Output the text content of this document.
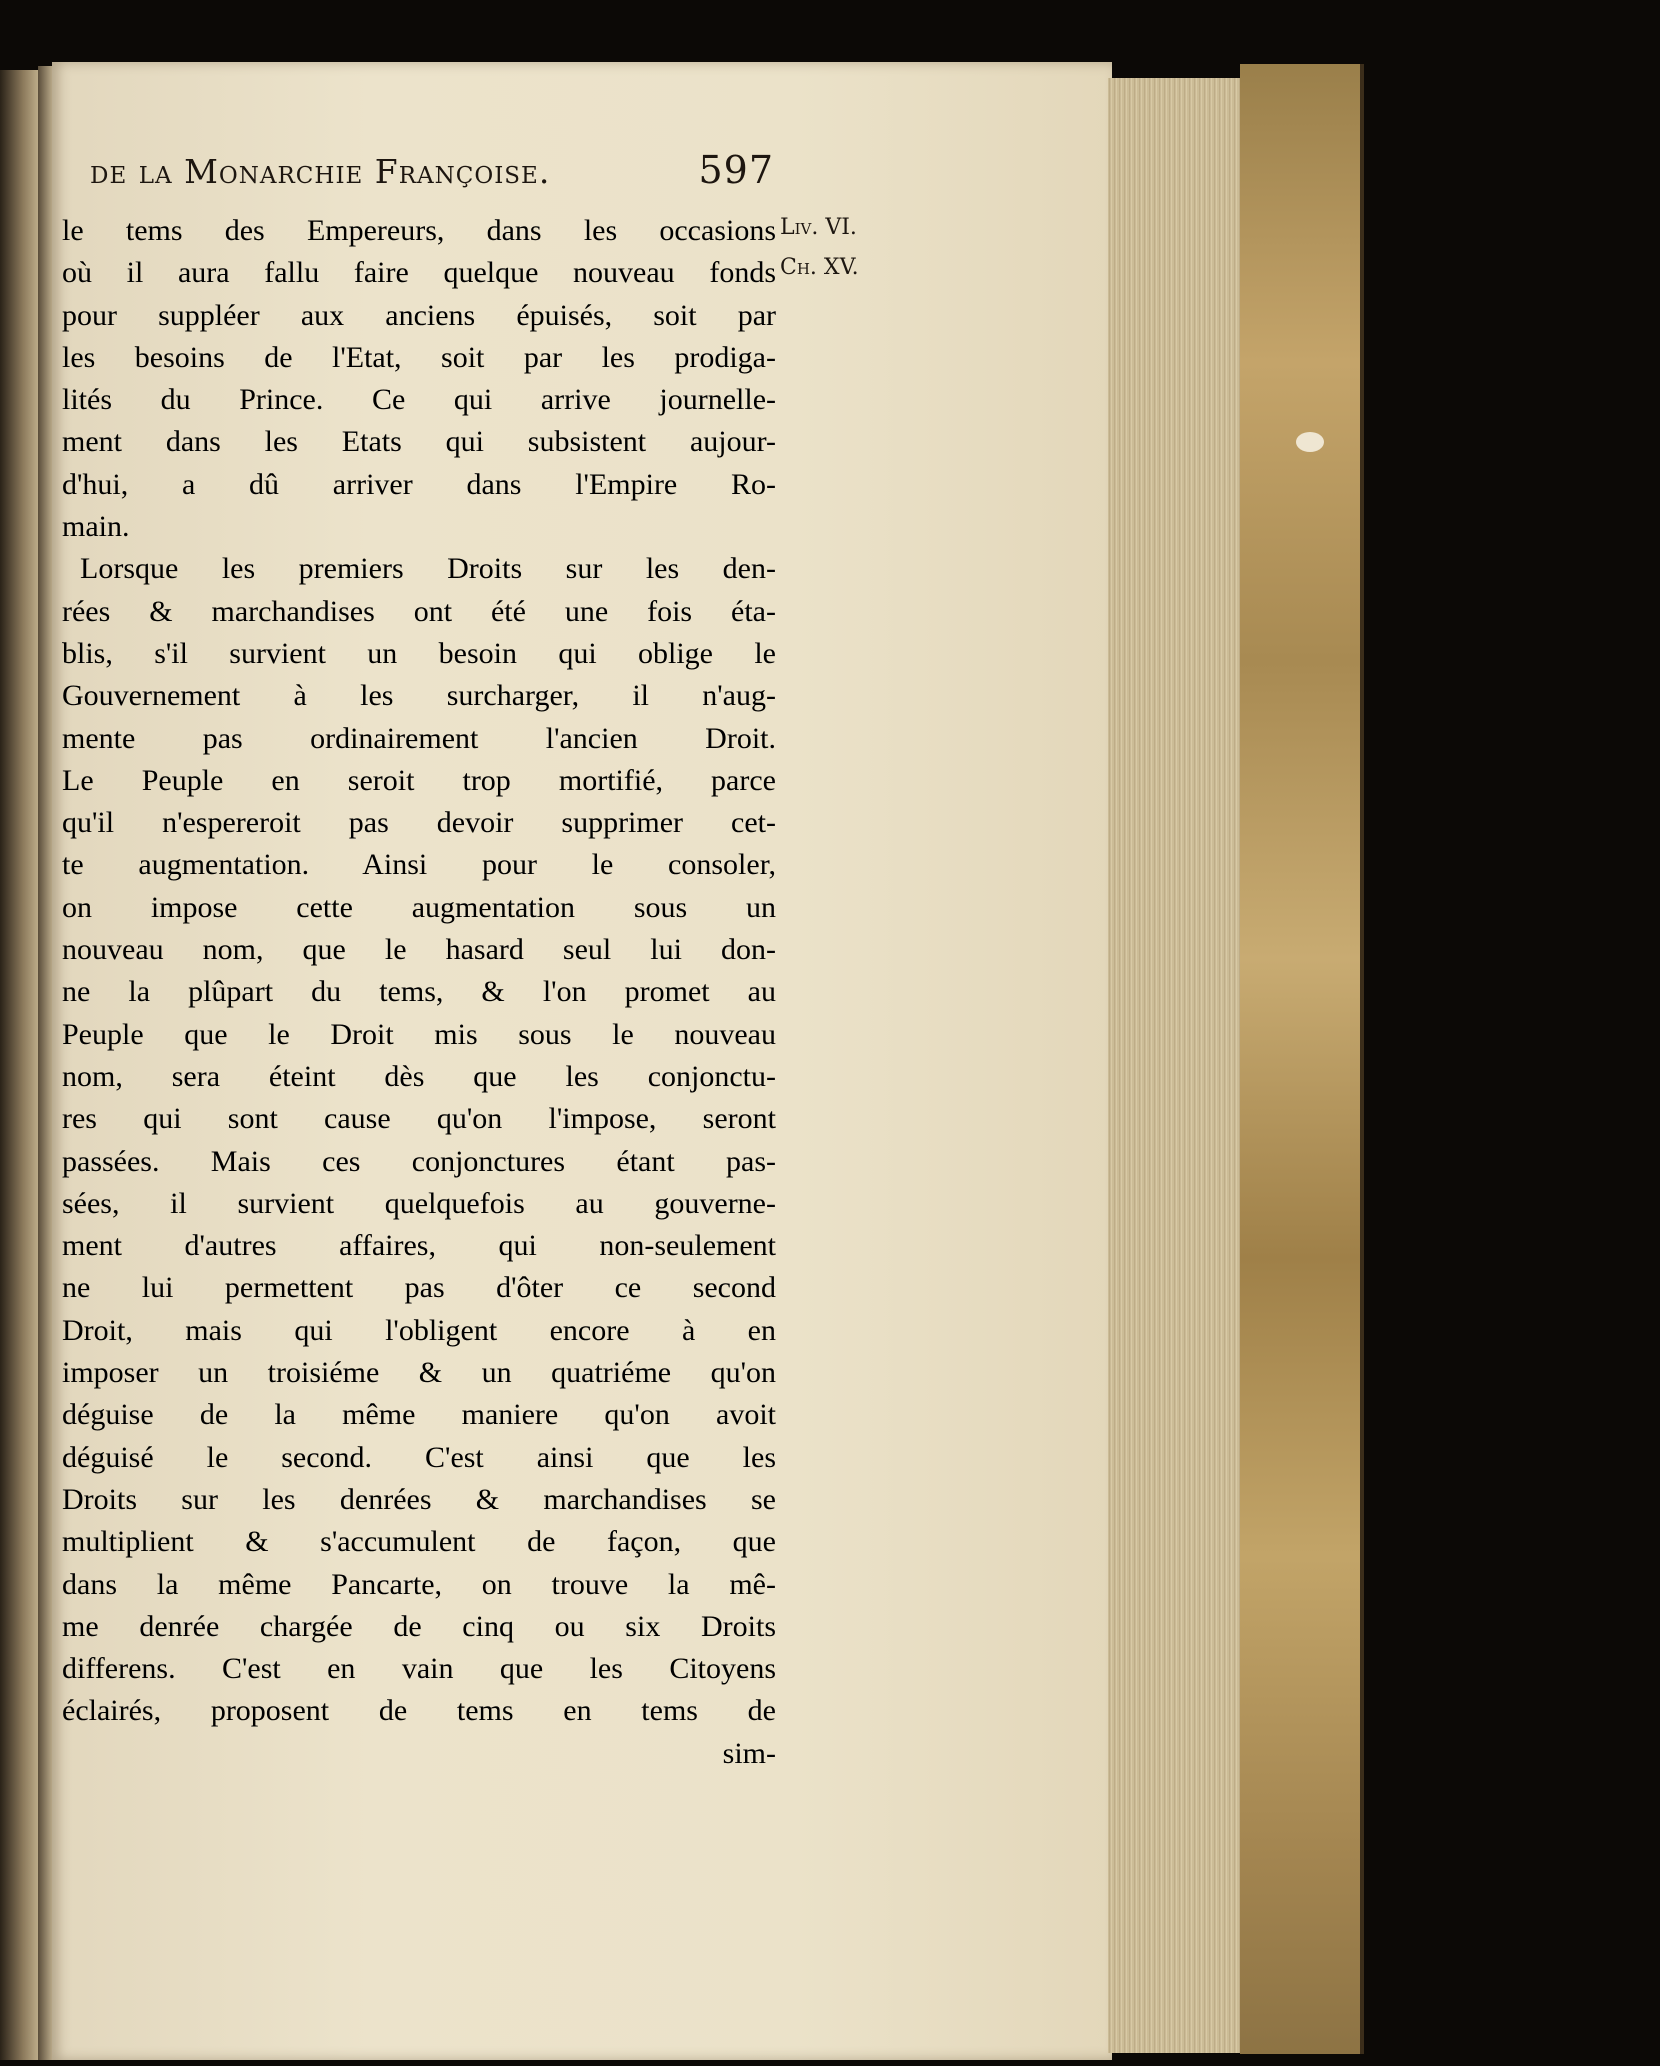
de la Monarchie Françoise.	597
Liv. VI.
Ch. XV.
le tems des Empereurs, dans les occasions
où il aura fallu faire quelque nouveau fonds
pour suppléer aux anciens épuisés, soit par
les besoins de l'Etat, soit par les prodiga-
lités du Prince. Ce qui arrive journelle-
ment dans les Etats qui subsistent aujour-
d'hui, a dû arriver dans l'Empire Ro-
main.
Lorsque les premiers Droits sur les den-
rées & marchandises ont été une fois éta-
blis, s'il survient un besoin qui oblige le
Gouvernement à les surcharger, il n'aug-
mente pas ordinairement l'ancien Droit.
Le Peuple en seroit trop mortifié, parce
qu'il n'espereroit pas devoir supprimer cet-
te augmentation. Ainsi pour le consoler,
on impose cette augmentation sous un
nouveau nom, que le hasard seul lui don-
ne la plûpart du tems, & l'on promet au
Peuple que le Droit mis sous le nouveau
nom, sera éteint dès que les conjonctu-
res qui sont cause qu'on l'impose, seront
passées. Mais ces conjonctures étant pas-
sées, il survient quelquefois au gouverne-
ment d'autres affaires, qui non-seulement
ne lui permettent pas d'ôter ce second
Droit, mais qui l'obligent encore à en
imposer un troisiéme & un quatriéme qu'on
déguise de la même maniere qu'on avoit
déguisé le second. C'est ainsi que les
Droits sur les denrées & marchandises se
multiplient & s'accumulent de façon, que
dans la même Pancarte, on trouve la mê-
me denrée chargée de cinq ou six Droits
differens. C'est en vain que les Citoyens
éclairés, proposent de tems en tems de
sim-
